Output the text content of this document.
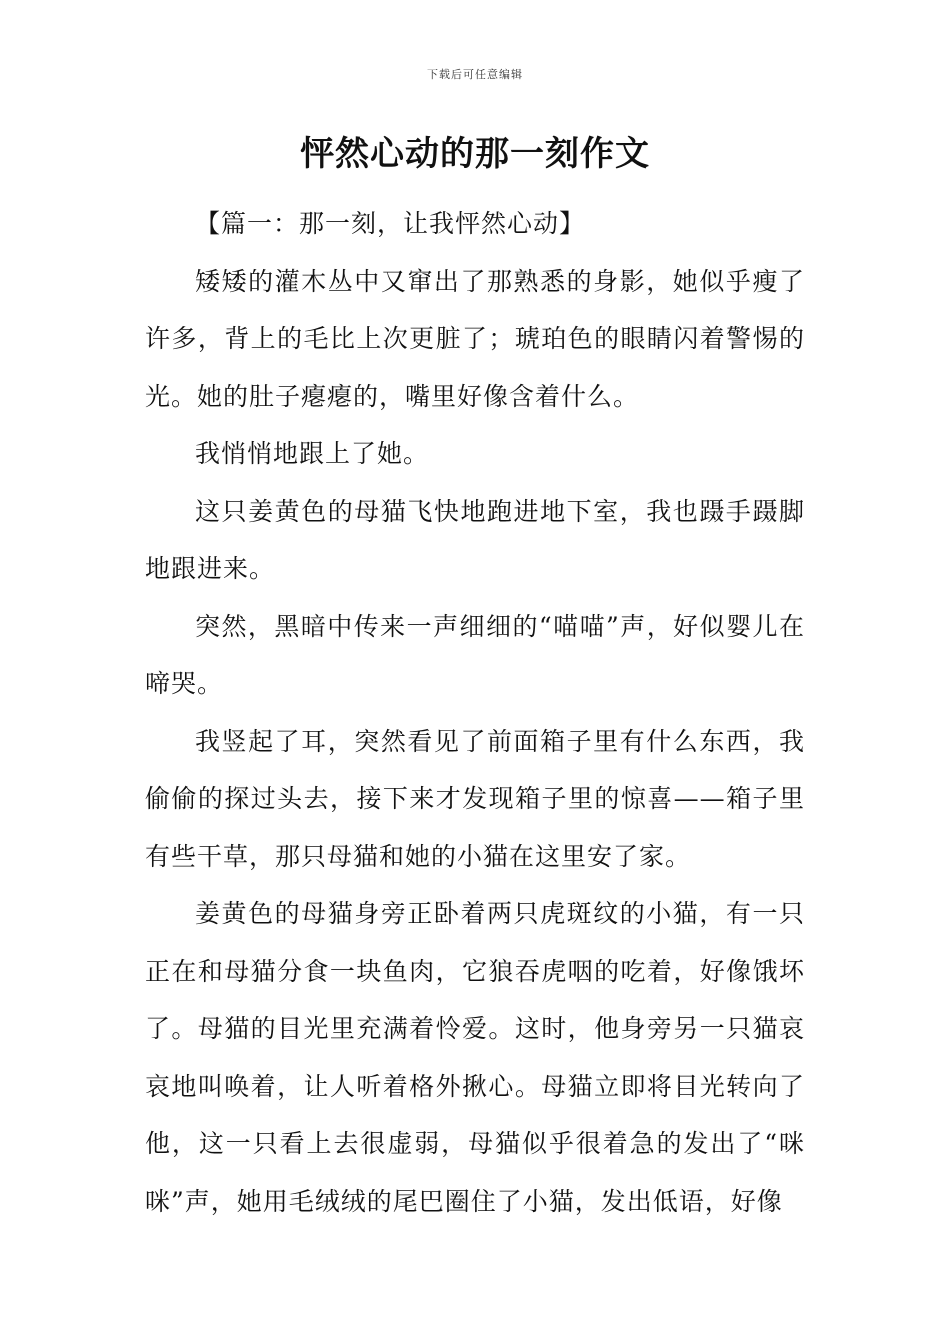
下载后可任意编辑
怦然心动的那一刻作文

【篇一：那一刻，让我怦然心动】

矮矮的灌木丛中又窜出了那熟悉的身影，她似乎瘦了许多，背上的毛比上次更脏了；琥珀色的眼睛闪着警惕的光。她的肚子瘪瘪的，嘴里好像含着什么。

我悄悄地跟上了她。

这只姜黄色的母猫飞快地跑进地下室，我也蹑手蹑脚地跟进来。

突然，黑暗中传来一声细细的“喵喵”声，好似婴儿在啼哭。

我竖起了耳，突然看见了前面箱子里有什么东西，我偷偷的探过头去，接下来才发现箱子里的惊喜——箱子里有些干草，那只母猫和她的小猫在这里安了家。

姜黄色的母猫身旁正卧着两只虎斑纹的小猫，有一只正在和母猫分食一块鱼肉，它狼吞虎咽的吃着，好像饿坏了。母猫的目光里充满着怜爱。这时，他身旁另一只猫哀哀地叫唤着，让人听着格外揪心。母猫立即将目光转向了他，这一只看上去很虚弱，母猫似乎很着急的发出了“咪咪”声，她用毛绒绒的尾巴圈住了小猫，发出低语，好像
